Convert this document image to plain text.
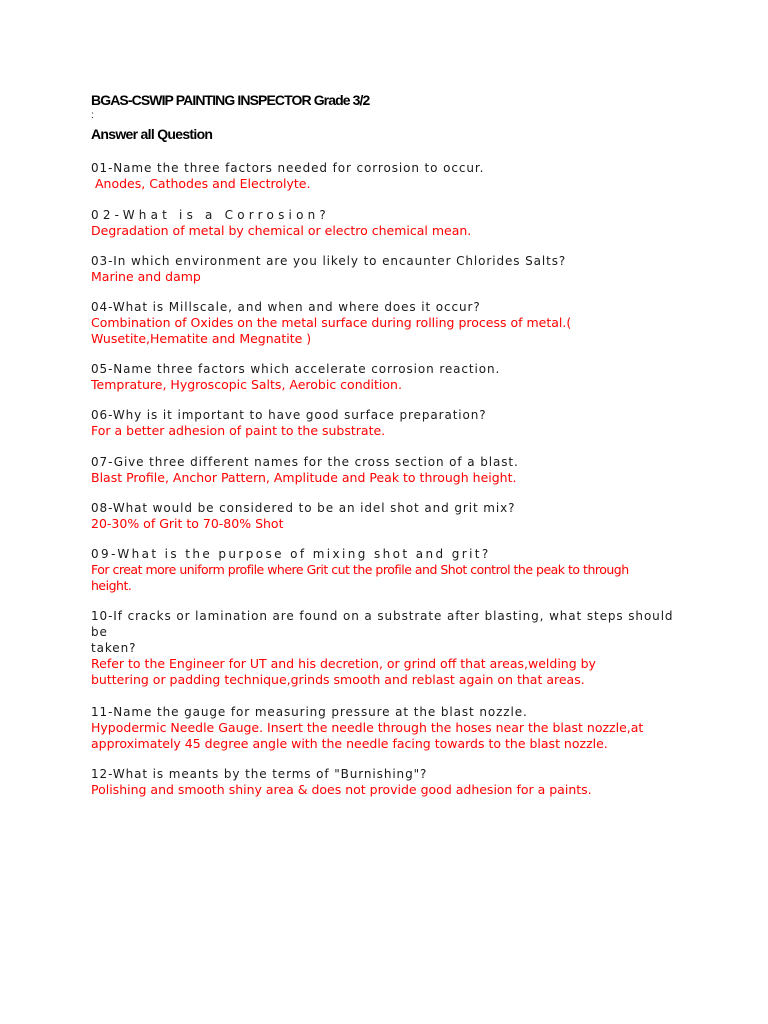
BGAS-CSWIP PAINTING INSPECTOR Grade 3/2
:
Answer all Question
01-Name the three factors needed for corrosion to occur.
Anodes, Cathodes and Electrolyte.
02-What is a Corrosion?
Degradation of metal by chemical or electro chemical mean.
03-In which environment are you likely to encaunter Chlorides Salts?
Marine and damp
04-What is Millscale, and when and where does it occur?
Combination of Oxides on the metal surface during rolling process of metal.(
Wusetite,Hematite and Megnatite )
05-Name three factors which accelerate corrosion reaction.
Temprature, Hygroscopic Salts, Aerobic condition.
06-Why is it important to have good surface preparation?
For a better adhesion of paint to the substrate.
07-Give three different names for the cross section of a blast.
Blast Profile, Anchor Pattern, Amplitude and Peak to through height.
08-What would be considered to be an idel shot and grit mix?
20-30% of Grit to 70-80% Shot
09-What is the purpose of mixing shot and grit?
For creat more uniform profile where Grit cut the profile and Shot control the peak to through
height.
10-If cracks or lamination are found on a substrate after blasting, what steps should be
taken?
Refer to the Engineer for UT and his decretion, or grind off that areas,welding by
buttering or padding technique,grinds smooth and reblast again on that areas.
11-Name the gauge for measuring pressure at the blast nozzle.
Hypodermic Needle Gauge. Insert the needle through the hoses near the blast nozzle,at
approximately 45 degree angle with the needle facing towards to the blast nozzle.
12-What is meants by the terms of "Burnishing"?
Polishing and smooth shiny area & does not provide good adhesion for a paints.
